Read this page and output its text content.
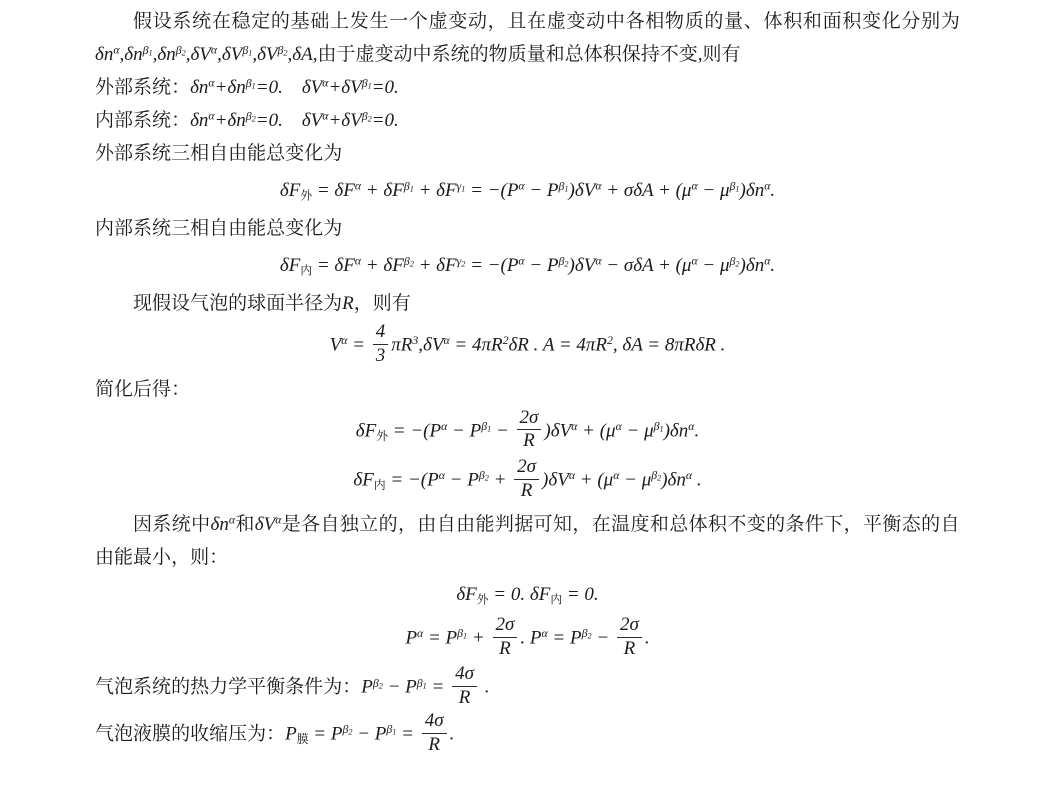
假设系统在稳定的基础上发生一个虚变动，且在虚变动中各相物质的量、体积和面积变化分别为$\delta n^\alpha,\delta n^{\beta 1},\delta n^{\beta 2},\delta V^\alpha,\delta V^{\beta 1},\delta V^{\beta 2},\delta A$,由于虚变动中系统的物质量和总体积保持不变,则有
外部系统：$\delta n^\alpha+\delta n^{\beta 1}=0$. $\delta V^\alpha+\delta V^{\beta 1}=0$.
内部系统：$\delta n^\alpha+\delta n^{\beta 2}=0$. $\delta V^\alpha+\delta V^{\beta 2}=0$.
外部系统三相自由能总变化为
$\delta F_外 = \delta F^\alpha + \delta F^{\beta 1} + \delta F^{\gamma 1} = -(P^\alpha - P^{\beta 1})\delta V^\alpha + \sigma\delta A + (\mu^\alpha - \mu^{\beta 1})\delta n^\alpha$.
内部系统三相自由能总变化为
$\delta F_内 = \delta F^\alpha + \delta F^{\beta 2} + \delta F^{\gamma 2} = -(P^\alpha - P^{\beta 2})\delta V^\alpha - \sigma\delta A + (\mu^\alpha - \mu^{\beta 2})\delta n^\alpha$.
现假设气泡的球面半径为R，则有
$V^\alpha = \frac{4}{3} \pi R^3,\delta V^\alpha = 4\pi R^2\delta R$ . $A = 4\pi R^2$, δA = 8πRδR .
简化后得：
$\delta F_外 = -(P^\alpha - P^{\beta 1} - \frac{2\sigma}{R} )\delta V^\alpha + (\mu^\alpha - \mu^{\beta 1})\delta n^\alpha$.
$\delta F_内 = -(P^\alpha - P^{\beta 2} + \frac{2\sigma}{R} )\delta V^\alpha + (\mu^\alpha - \mu^{\beta 2})\delta n^\alpha$ .
因系统中$\delta n^\alpha$和$\delta V^\alpha$是各自独立的，由自由能判据可知，在温度和总体积不变的条件下，平衡态的自由能最小，则：
$\delta F_外 = 0$. $\delta F_内 = 0$.
$P^\alpha = P^{\beta 1} + \frac{2\sigma}{R}$ . $P^\alpha = P^{\beta 2} - \frac{2\sigma}{R}$ .
气泡系统的热力学平衡条件为：$P^{\beta 2} - P^{\beta 1} = \frac{4\sigma}{R}$ .
气泡液膜的收缩压为：$P_膜 = P^{\beta 2} - P^{\beta 1} = \frac{4\sigma}{R}$ .
